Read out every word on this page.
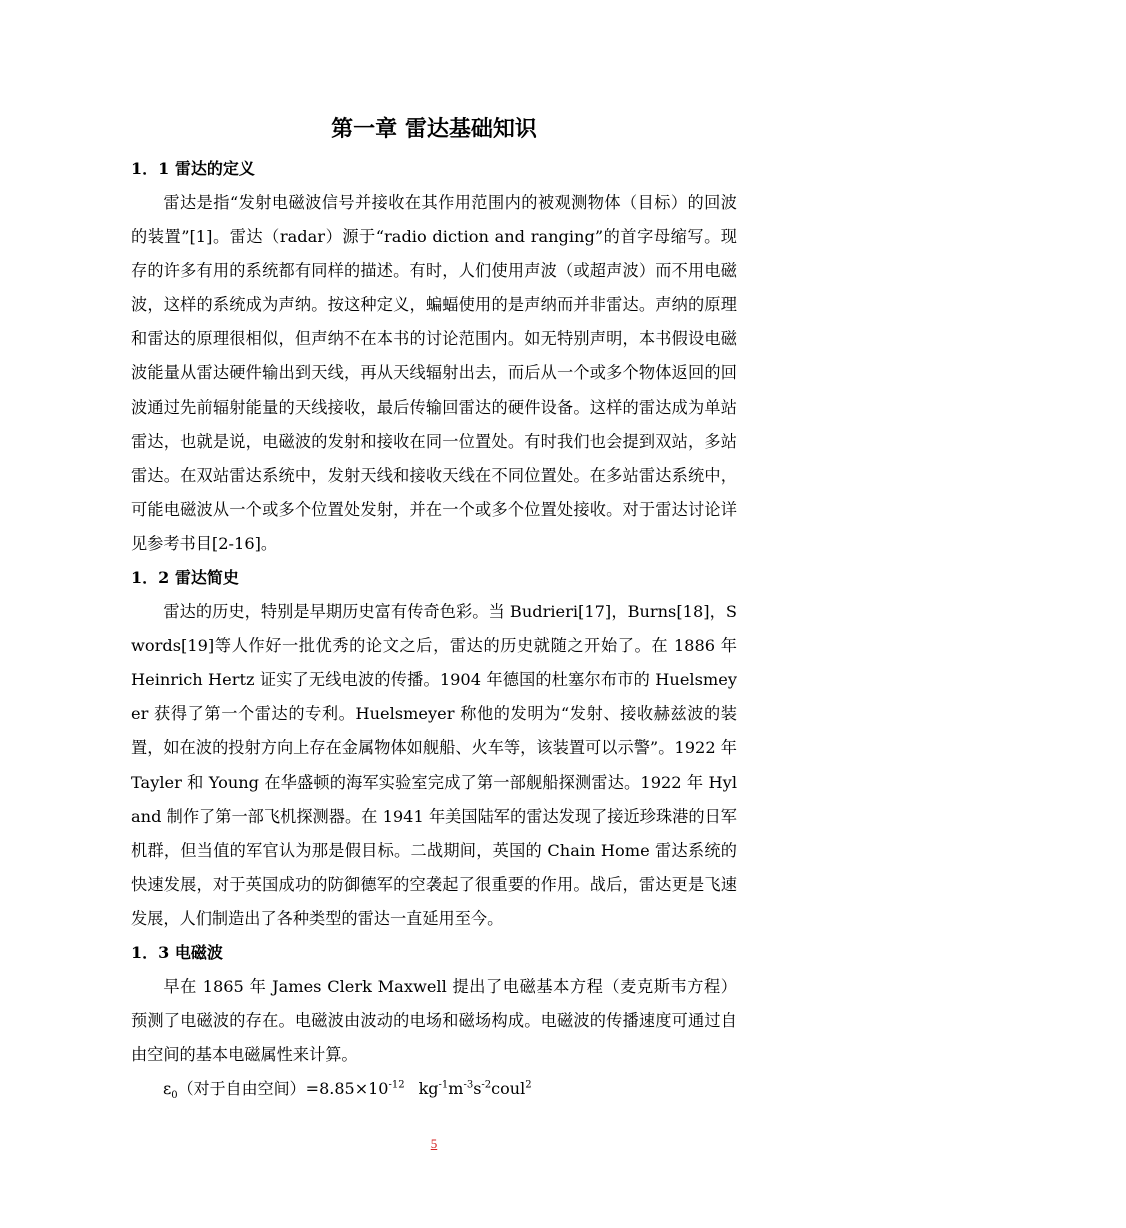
第一章 雷达基础知识
1．1 雷达的定义

雷达是指“发射电磁波信号并接收在其作用范围内的被观测物体（目标）的回波的装置”[1]。雷达（radar）源于“radio diction and ranging”的首字母缩写。现存的许多有用的系统都有同样的描述。有时，人们使用声波（或超声波）而不用电磁波，这样的系统成为声纳。按这种定义，蝙蝠使用的是声纳而并非雷达。声纳的原理和雷达的原理很相似，但声纳不在本书的讨论范围内。如无特别声明，本书假设电磁波能量从雷达硬件输出到天线，再从天线辐射出去，而后从一个或多个物体返回的回波通过先前辐射能量的天线接收，最后传输回雷达的硬件设备。这样的雷达成为单站雷达，也就是说，电磁波的发射和接收在同一位置处。有时我们也会提到双站，多站雷达。在双站雷达系统中，发射天线和接收天线在不同位置处。在多站雷达系统中，可能电磁波从一个或多个位置处发射，并在一个或多个位置处接收。对于雷达讨论详见参考书目[2-16]。

1．2 雷达简史

雷达的历史，特别是早期历史富有传奇色彩。当 Budrieri[17]，Burns[18]，Swords[19]等人作好一批优秀的论文之后，雷达的历史就随之开始了。在 1886 年 Heinrich Hertz 证实了无线电波的传播。1904 年德国的杜塞尔布市的 Huelsmeyer 获得了第一个雷达的专利。Huelsmeyer 称他的发明为“发射、接收赫兹波的装置，如在波的投射方向上存在金属物体如舰船、火车等，该装置可以示警”。1922 年 Tayler 和 Young 在华盛顿的海军实验室完成了第一部舰船探测雷达。1922 年 Hyland 制作了第一部飞机探测器。在 1941 年美国陆军的雷达发现了接近珍珠港的日军机群，但当值的军官认为那是假目标。二战期间，英国的 Chain Home 雷达系统的快速发展，对于英国成功的防御德军的空袭起了很重要的作用。战后，雷达更是飞速发展，人们制造出了各种类型的雷达一直延用至今。

1．3 电磁波

早在 1865 年 James Clerk Maxwell 提出了电磁基本方程（麦克斯韦方程）预测了电磁波的存在。电磁波由波动的电场和磁场构成。电磁波的传播速度可通过自由空间的基本电磁属性来计算。

$\varepsilon_0$（对于自由空间）$=8.85\times 10^{-12}$ $kg^{-1}m^{-3}s^{-2}coul^2$

5
